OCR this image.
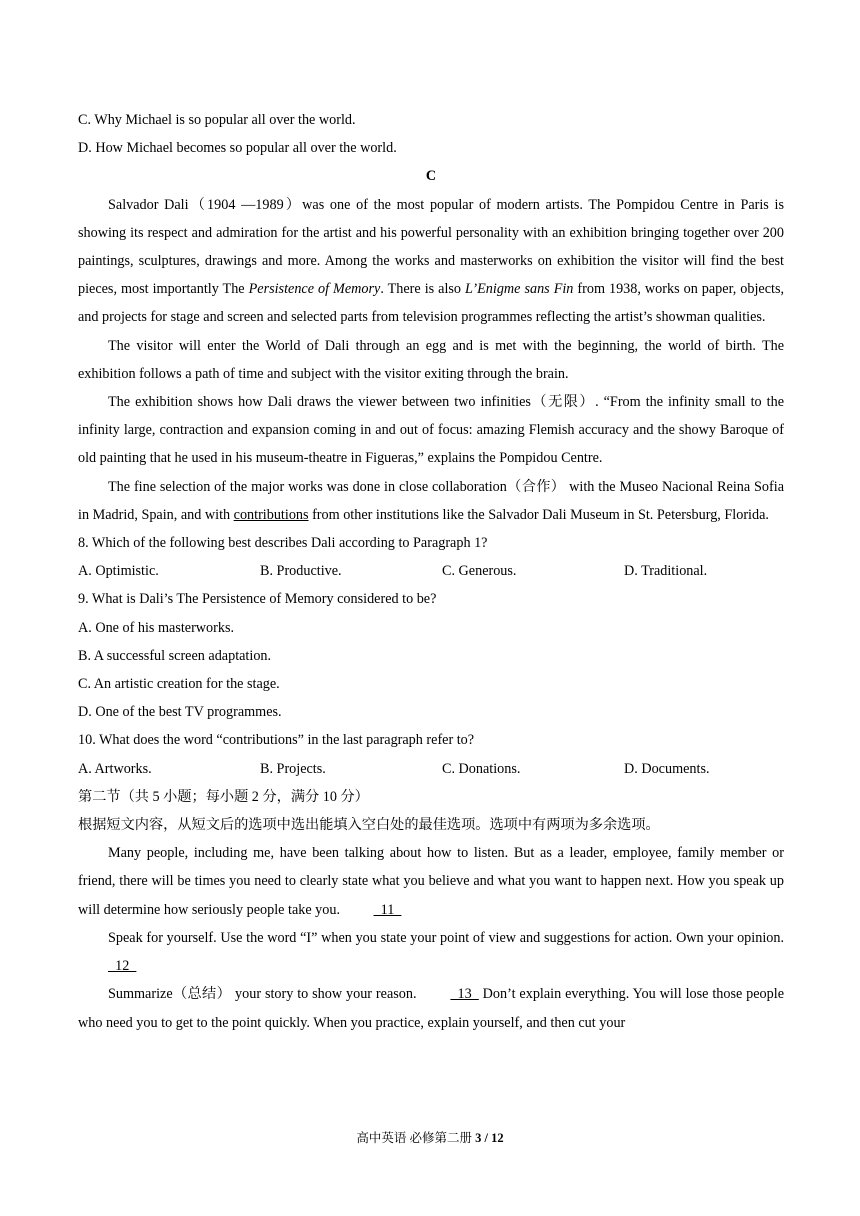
C. Why Michael is so popular all over the world.
D. How Michael becomes so popular all over the world.
C
Salvador Dali（1904 —1989）was one of the most popular of modern artists. The Pompidou Centre in Paris is showing its respect and admiration for the artist and his powerful personality with an exhibition bringing together over 200 paintings, sculptures, drawings and more. Among the works and masterworks on exhibition the visitor will find the best pieces, most importantly The Persistence of Memory. There is also L’Enigme sans Fin from 1938, works on paper, objects, and projects for stage and screen and selected parts from television programmes reflecting the artist’s showman qualities.
The visitor will enter the World of Dali through an egg and is met with the beginning, the world of birth. The exhibition follows a path of time and subject with the visitor exiting through the brain.
The exhibition shows how Dali draws the viewer between two infinities（无限）. “From the infinity small to the infinity large, contraction and expansion coming in and out of focus: amazing Flemish accuracy and the showy Baroque of old painting that he used in his museum-theatre in Figueras,” explains the Pompidou Centre.
The fine selection of the major works was done in close collaboration（合作） with the Museo Nacional Reina Sofia in Madrid, Spain, and with contributions from other institutions like the Salvador Dali Museum in St. Petersburg, Florida.
8. Which of the following best describes Dali according to Paragraph 1?
A. Optimistic.	B. Productive.	C. Generous.	D. Traditional.
9. What is Dali’s The Persistence of Memory considered to be?
A. One of his masterworks.
B. A successful screen adaptation.
C. An artistic creation for the stage.
D. One of the best TV programmes.
10. What does the word “contributions” in the last paragraph refer to?
A. Artworks.	B. Projects.	C. Donations.	D. Documents.
第二节（共 5 小题；每小题 2 分，满分 10 分）
根据短文内容，从短文后的选项中选出能填入空白处的最佳选项。选项中有两项为多余选项。
Many people, including me, have been talking about how to listen. But as a leader, employee, family member or friend, there will be times you need to clearly state what you believe and what you want to happen next. How you speak up will determine how seriously people take you.   11
Speak for yourself. Use the word “I” when you state your point of view and suggestions for action. Own your opinion.   12
Summarize（总结） your story to show your reason.   13   Don’t explain everything. You will lose those people who need you to get to the point quickly. When you practice, explain yourself, and then cut your
高中英语 必修第二册 3 / 12
